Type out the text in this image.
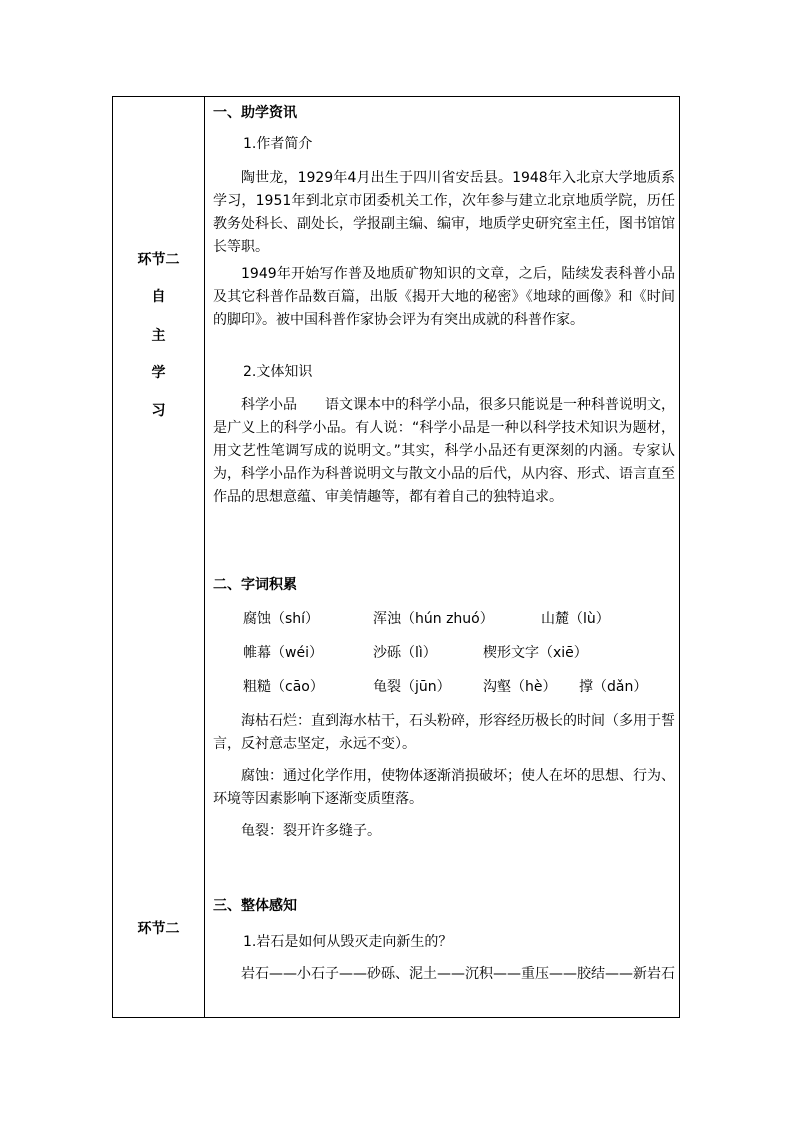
环节二
自
主
学
习
环节二
一、助学资讯
1.作者简介
陶世龙，1929年4月出生于四川省安岳县。1948年入北京大学地质系学习，1951年到北京市团委机关工作，次年参与建立北京地质学院，历任教务处科长、副处长，学报副主编、编审，地质学史研究室主任，图书馆馆长等职。
1949年开始写作普及地质矿物知识的文章，之后，陆续发表科普小品及其它科普作品数百篇，出版《揭开大地的秘密》《地球的画像》和《时间的脚印》。被中国科普作家协会评为有突出成就的科普作家。
2.文体知识
科学小品　　语文课本中的科学小品，很多只能说是一种科普说明文，是广义上的科学小品。有人说：“科学小品是一种以科学技术知识为题材，用文艺性笔调写成的说明文。”其实，科学小品还有更深刻的内涵。专家认为，科学小品作为科普说明文与散文小品的后代，从内容、形式、语言直至作品的思想意蕴、审美情趣等，都有着自己的独特追求。
二、字词积累
腐蚀（shí）	浑浊（hún zhuó）	山麓（lù）
帷幕（wéi）	沙砾（lì）	楔形文字（xiē）
粗糙（cāo）	龟裂（jūn） 沟壑（hè） 撑（dǎn）
海枯石烂：直到海水枯干，石头粉碎，形容经历极长的时间（多用于誓言，反衬意志坚定，永远不变）。
腐蚀：通过化学作用，使物体逐渐消损破坏；使人在坏的思想、行为、环境等因素影响下逐渐变质堕落。
龟裂：裂开许多缝子。
三、整体感知
1.岩石是如何从毁灭走向新生的？
岩石——小石子——砂砾、泥土——沉积——重压——胶结——新岩石
